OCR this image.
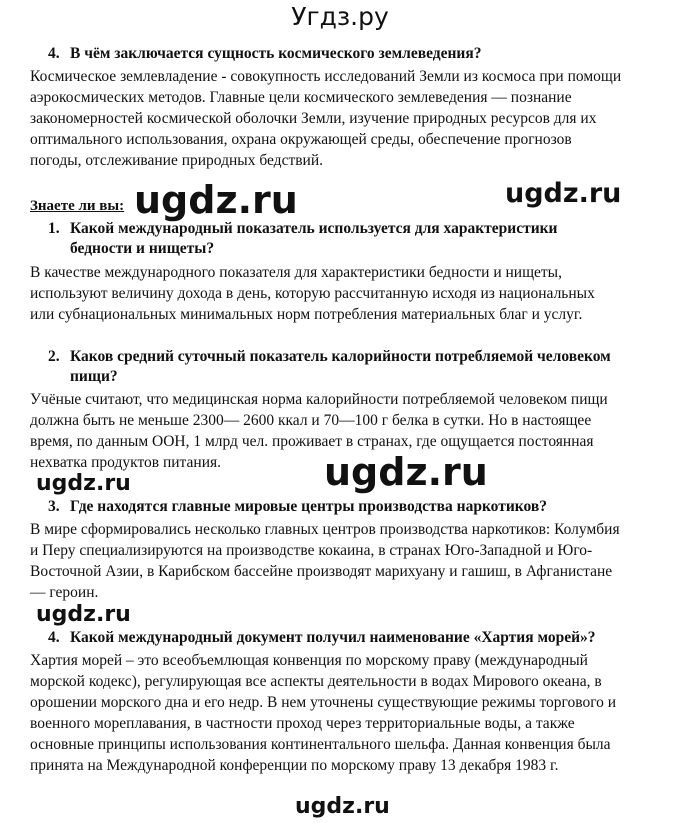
Угдз.ру
4. В чём заключается сущность космического землеведения?
Космическое землевладение - совокупность исследований Земли из космоса при помощи
аэрокосмических методов. Главные цели космического землеведения — познание
закономерностей космической оболочки Земли, изучение природных ресурсов для их
оптимального использования, охрана окружающей среды, обеспечение прогнозов
погоды, отслеживание природных бедствий.
Знаете ли вы:
1. Какой международный показатель используется для характеристики
бедности и нищеты?
В качестве международного показателя для характеристики бедности и нищеты,
используют величину дохода в день, которую рассчитанную исходя из национальных
или субнациональных минимальных норм потребления материальных благ и услуг.
2. Каков средний суточный показатель калорийности потребляемой человеком
пищи?
Учёные считают, что медицинская норма калорийности потребляемой человеком пищи
должна быть не меньше 2300— 2600 ккал и 70—100 г белка в сутки. Но в настоящее
время, по данным ООН, 1 млрд чел. проживает в странах, где ощущается постоянная
нехватка продуктов питания.
3. Где находятся главные мировые центры производства наркотиков?
В мире сформировались несколько главных центров производства наркотиков: Колумбия
и Перу специализируются на производстве кокаина, в странах Юго-Западной и Юго-
Восточной Азии, в Карибском бассейне производят марихуану и гашиш, в Афганистане
— героин.
4. Какой международный документ получил наименование «Хартия морей»?
Хартия морей – это всеобъемлющая конвенция по морскому праву (международный
морской кодекс), регулирующая все аспекты деятельности в водах Мирового океана, в
орошении морского дна и его недр. В нем уточнены существующие режимы торгового и
военного мореплавания, в частности проход через территориальные воды, а также
основные принципы использования континентального шельфа. Данная конвенция была
принята на Международной конференции по морскому праву 13 декабря 1983 г.
ugdz.ru	ugdz.ru
ugdz.ru
ugdz.ru
ugdz.ru
ugdz.ru
